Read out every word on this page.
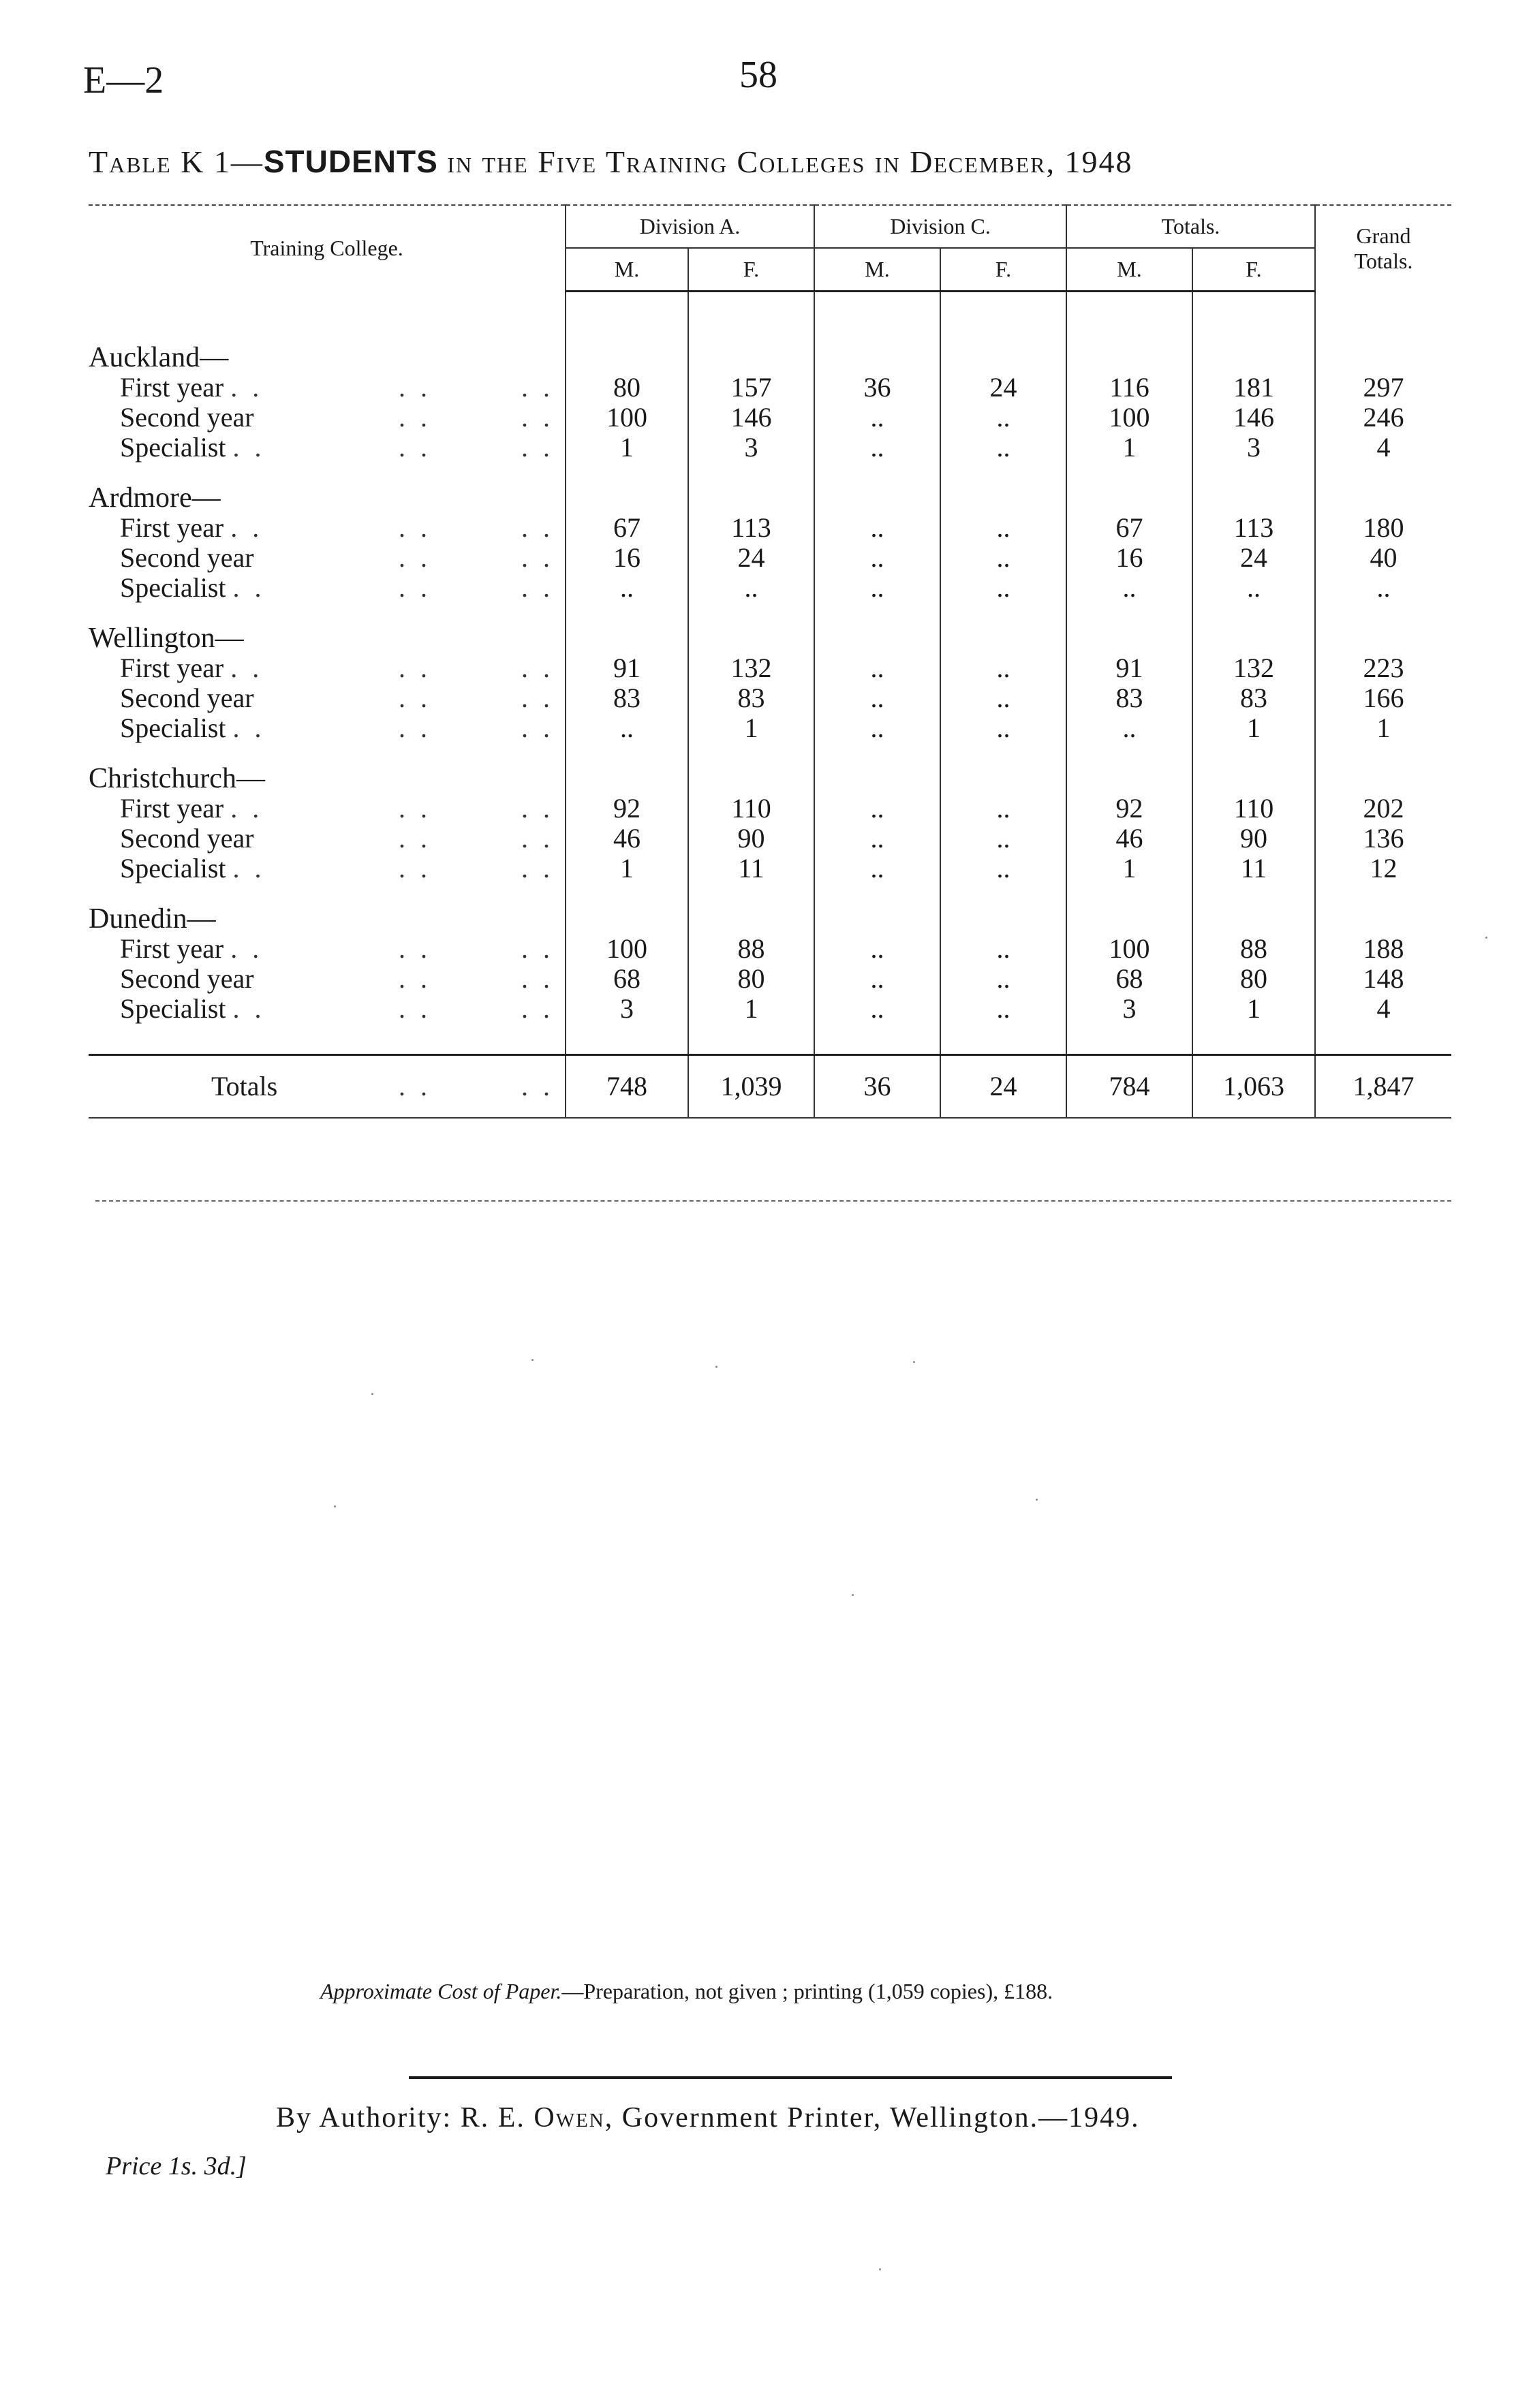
E—2	58
Table K 1—STUDENTS in the Five Training Colleges in December, 1948
Training College.	Division A.		Division C.		Totals.		Grand
Totals.
	M.	F.	M.	F.	M.	F.	

Auckland—							
First year . . . . . .	80	157	36	24	116	181	297
Second year . . . .	100	146	..	..	100	146	246
Specialist . . . . . .	1	3	..	..	1	3	4
Ardmore—							
First year . . . . . .	67	113	..	..	67	113	180
Second year . . . .	16	24	..	..	16	24	40
Specialist . . . . . .	..	..	..	..	..	..	..
Wellington—							
First year . . . . . .	91	132	..	..	91	132	223
Second year . . . .	83	83	..	..	83	83	166
Specialist . . . . . .	..	1	..	..	..	1	1
Christchurch—							
First year . . . . . .	92	110	..	..	92	110	202
Second year . . . .	46	90	..	..	46	90	136
Specialist . . . . . .	1	11	..	..	1	11	12
Dunedin—							
First year . . . . . .	100	88	..	..	100	88	188
Second year . . . .	68	80	..	..	68	80	148
Specialist . . . . . .	3	1	..	..	3	1	4

Totals . . . .	748	1,039	36	24	784	1,063	1,847
Approximate Cost of Paper.—Preparation, not given ; printing (1,059 copies), £188.
By Authority: R. E. Owen, Government Printer, Wellington.—1949.
Price 1s. 3d.]
